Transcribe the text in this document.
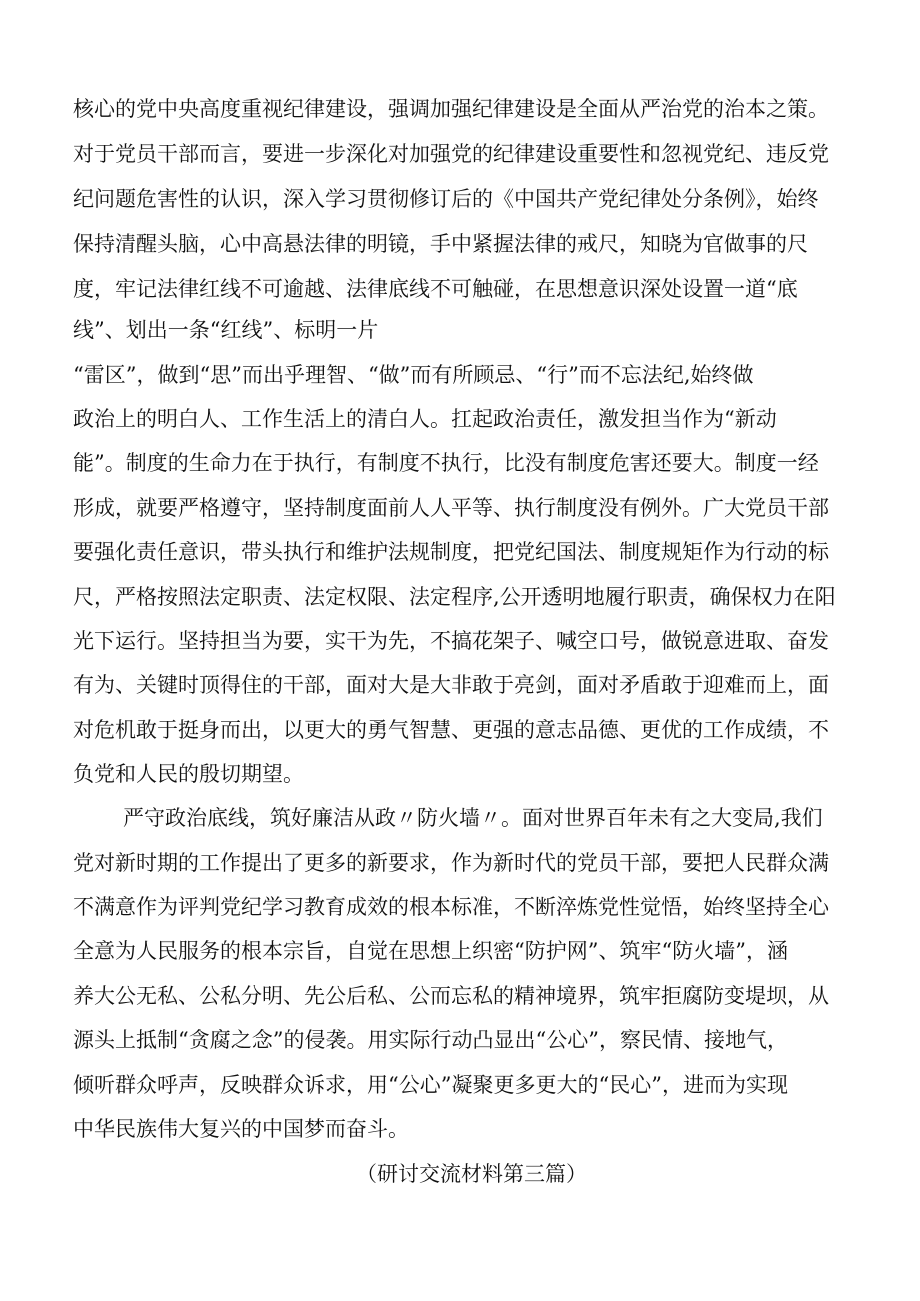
核心的党中央高度重视纪律建设，强调加强纪律建设是全面从严治党的治本之策。

对于党员干部而言，要进一步深化对加强党的纪律建设重要性和忽视党纪、违反党

纪问题危害性的认识，深入学习贯彻修订后的《中国共产党纪律处分条例》，始终

保持清醒头脑，心中高悬法律的明镜，手中紧握法律的戒尺，知晓为官做事的尺

度，牢记法律红线不可逾越、法律底线不可触碰，在思想意识深处设置一道“底

线”、划出一条“红线”、标明一片

“雷区”，做到“思”而出乎理智、“做”而有所顾忌、“行”而不忘法纪,始终做

政治上的明白人、工作生活上的清白人。扛起政治责任，激发担当作为“新动

能”。制度的生命力在于执行，有制度不执行，比没有制度危害还要大。制度一经

形成，就要严格遵守，坚持制度面前人人平等、执行制度没有例外。广大党员干部

要强化责任意识，带头执行和维护法规制度，把党纪国法、制度规矩作为行动的标

尺，严格按照法定职责、法定权限、法定程序,公开透明地履行职责，确保权力在阳

光下运行。坚持担当为要，实干为先，不搞花架子、喊空口号，做锐意进取、奋发

有为、关键时顶得住的干部，面对大是大非敢于亮剑，面对矛盾敢于迎难而上，面

对危机敢于挺身而出，以更大的勇气智慧、更强的意志品德、更优的工作成绩，不

负党和人民的殷切期望。

严守政治底线，筑好廉洁从政〃防火墙〃。面对世界百年未有之大变局,我们

党对新时期的工作提出了更多的新要求，作为新时代的党员干部，要把人民群众满

不满意作为评判党纪学习教育成效的根本标准，不断淬炼党性觉悟，始终坚持全心

全意为人民服务的根本宗旨，自觉在思想上织密“防护网”、筑牢“防火墙”，涵

养大公无私、公私分明、先公后私、公而忘私的精神境界，筑牢拒腐防变堤坝，从

源头上抵制“贪腐之念”的侵袭。用实际行动凸显出“公心”，察民情、接地气，

倾听群众呼声，反映群众诉求，用“公心”凝聚更多更大的“民心”，进而为实现

中华民族伟大复兴的中国梦而奋斗。

（研讨交流材料第三篇）
